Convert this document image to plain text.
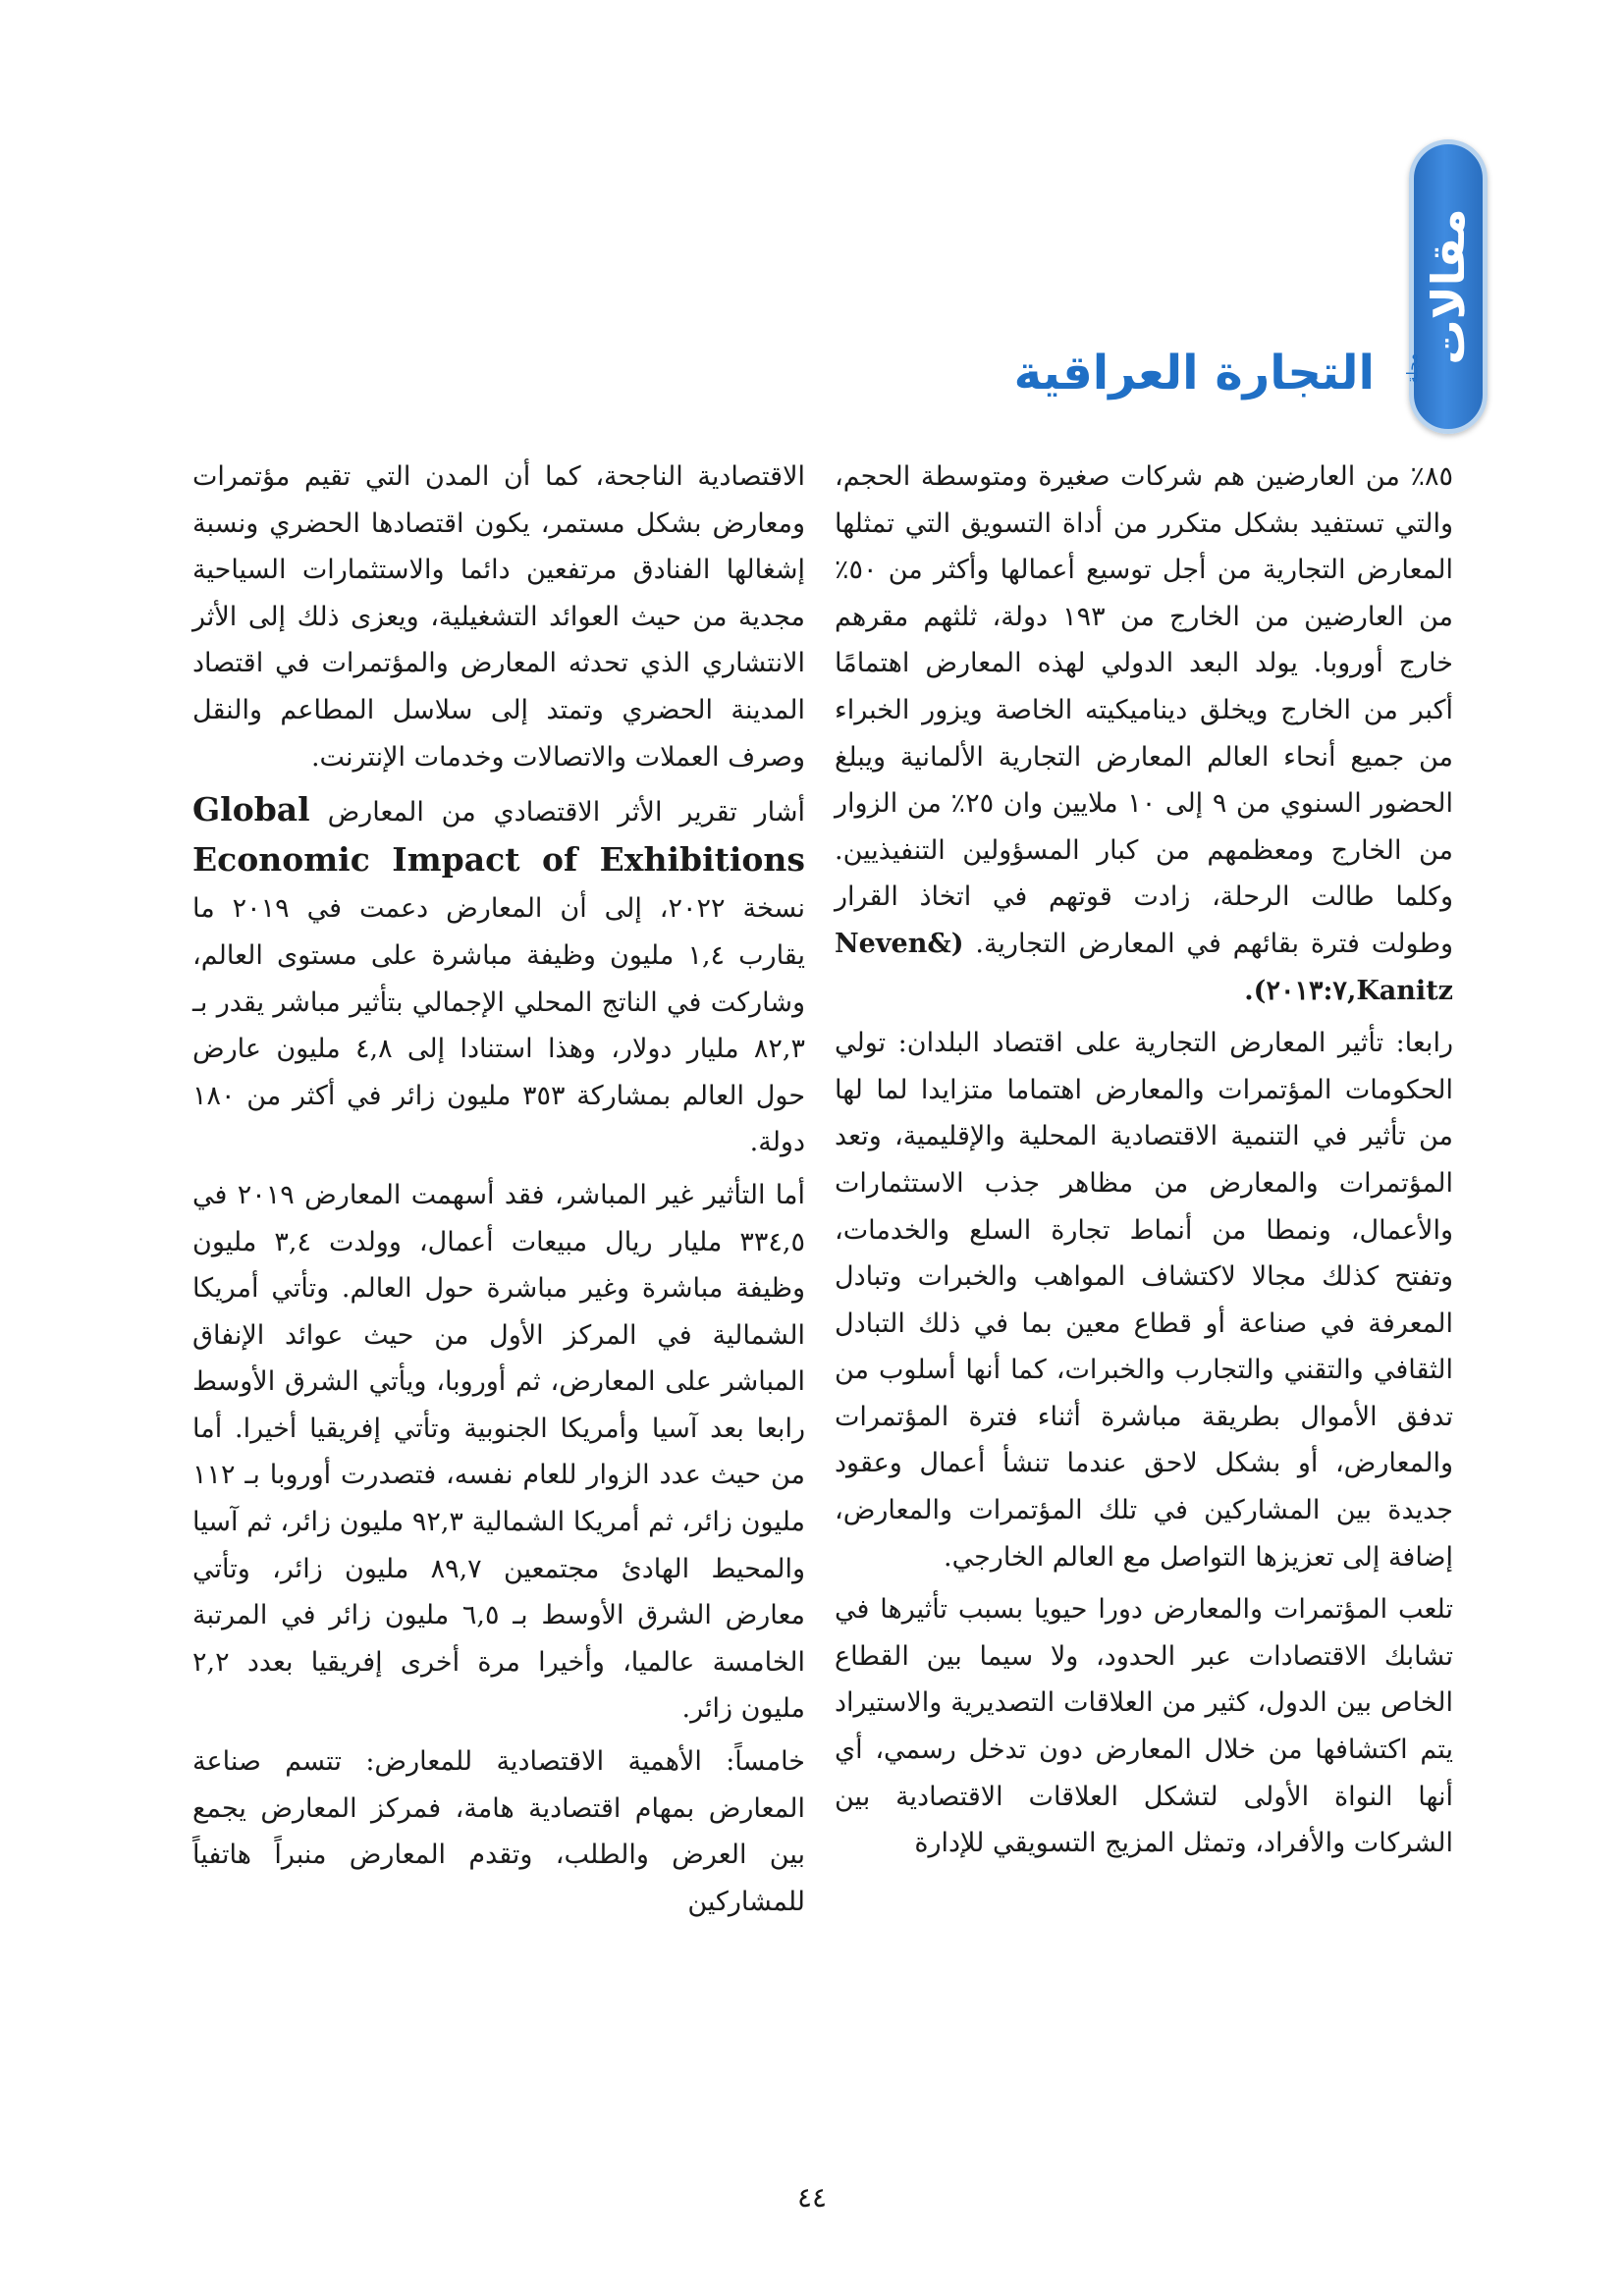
مقالات
التجارة العراقية مجلة

٨٥٪ من العارضين هم شركات صغيرة ومتوسطة الحجم، والتي تستفيد بشكل متكرر من أداة التسويق التي تمثلها المعارض التجارية من أجل توسيع أعمالها وأكثر من ٥٠٪ من العارضين من الخارج من ١٩٣ دولة، ثلثهم مقرهم خارج أوروبا. يولد البعد الدولي لهذه المعارض اهتمامًا أكبر من الخارج ويخلق ديناميكيته الخاصة ويزور الخبراء من جميع أنحاء العالم المعارض التجارية الألمانية ويبلغ الحضور السنوي من ٩ إلى ١٠ ملايين وان ٢٥٪ من الزوار من الخارج ومعظمهم من كبار المسؤولين التنفيذيين. وكلما طالت الرحلة، زادت قوتهم في اتخاذ القرار وطولت فترة بقائهم في المعارض التجارية. (Neven& Kanitz,٢٠١٣:٧).

رابعا: تأثير المعارض التجارية على اقتصاد البلدان: تولي الحكومات المؤتمرات والمعارض اهتماما متزايدا لما لها من تأثير في التنمية الاقتصادية المحلية والإقليمية، وتعد المؤتمرات والمعارض من مظاهر جذب الاستثمارات والأعمال، ونمطا من أنماط تجارة السلع والخدمات، وتفتح كذلك مجالا لاكتشاف المواهب والخبرات وتبادل المعرفة في صناعة أو قطاع معين بما في ذلك التبادل الثقافي والتقني والتجارب والخبرات، كما أنها أسلوب من تدفق الأموال بطريقة مباشرة أثناء فترة المؤتمرات والمعارض، أو بشكل لاحق عندما تنشأ أعمال وعقود جديدة بين المشاركين في تلك المؤتمرات والمعارض، إضافة إلى تعزيزها التواصل مع العالم الخارجي.

تلعب المؤتمرات والمعارض دورا حيويا بسبب تأثيرها في تشابك الاقتصادات عبر الحدود، ولا سيما بين القطاع الخاص بين الدول، كثير من العلاقات التصديرية والاستيراد يتم اكتشافها من خلال المعارض دون تدخل رسمي، أي أنها النواة الأولى لتشكل العلاقات الاقتصادية بين الشركات والأفراد، وتمثل المزيج التسويقي للإدارة

الاقتصادية الناجحة، كما أن المدن التي تقيم مؤتمرات ومعارض بشكل مستمر، يكون اقتصادها الحضري ونسبة إشغالها الفنادق مرتفعين دائما والاستثمارات السياحية مجدية من حيث العوائد التشغيلية، ويعزى ذلك إلى الأثر الانتشاري الذي تحدثه المعارض والمؤتمرات في اقتصاد المدينة الحضري وتمتد إلى سلاسل المطاعم والنقل وصرف العملات والاتصالات وخدمات الإنترنت.

أشار تقرير الأثر الاقتصادي من المعارض Global Economic Impact of Exhibitions نسخة ٢٠٢٢، إلى أن المعارض دعمت في ٢٠١٩ ما يقارب ١,٤ مليون وظيفة مباشرة على مستوى العالم، وشاركت في الناتج المحلي الإجمالي بتأثير مباشر يقدر بـ ٨٢,٣ مليار دولار، وهذا استنادا إلى ٤,٨ مليون عارض حول العالم بمشاركة ٣٥٣ مليون زائر في أكثر من ١٨٠ دولة.

أما التأثير غير المباشر، فقد أسهمت المعارض ٢٠١٩ في ٣٣٤,٥ مليار ريال مبيعات أعمال، وولدت ٣,٤ مليون وظيفة مباشرة وغير مباشرة حول العالم. وتأتي أمريكا الشمالية في المركز الأول من حيث عوائد الإنفاق المباشر على المعارض، ثم أوروبا، ويأتي الشرق الأوسط رابعا بعد آسيا وأمريكا الجنوبية وتأتي إفريقيا أخيرا. أما من حيث عدد الزوار للعام نفسه، فتصدرت أوروبا بـ ١١٢ مليون زائر، ثم أمريكا الشمالية ٩٢,٣ مليون زائر، ثم آسيا والمحيط الهادئ مجتمعين ٨٩,٧ مليون زائر، وتأتي معارض الشرق الأوسط بـ ٦,٥ مليون زائر في المرتبة الخامسة عالميا، وأخيرا مرة أخرى إفريقيا بعدد ٢,٢ مليون زائر.

خامساً: الأهمية الاقتصادية للمعارض: تتسم صناعة المعارض بمهام اقتصادية هامة، فمركز المعارض يجمع بين العرض والطلب، وتقدم المعارض منبراً هاتفياً للمشاركين

٤٤
